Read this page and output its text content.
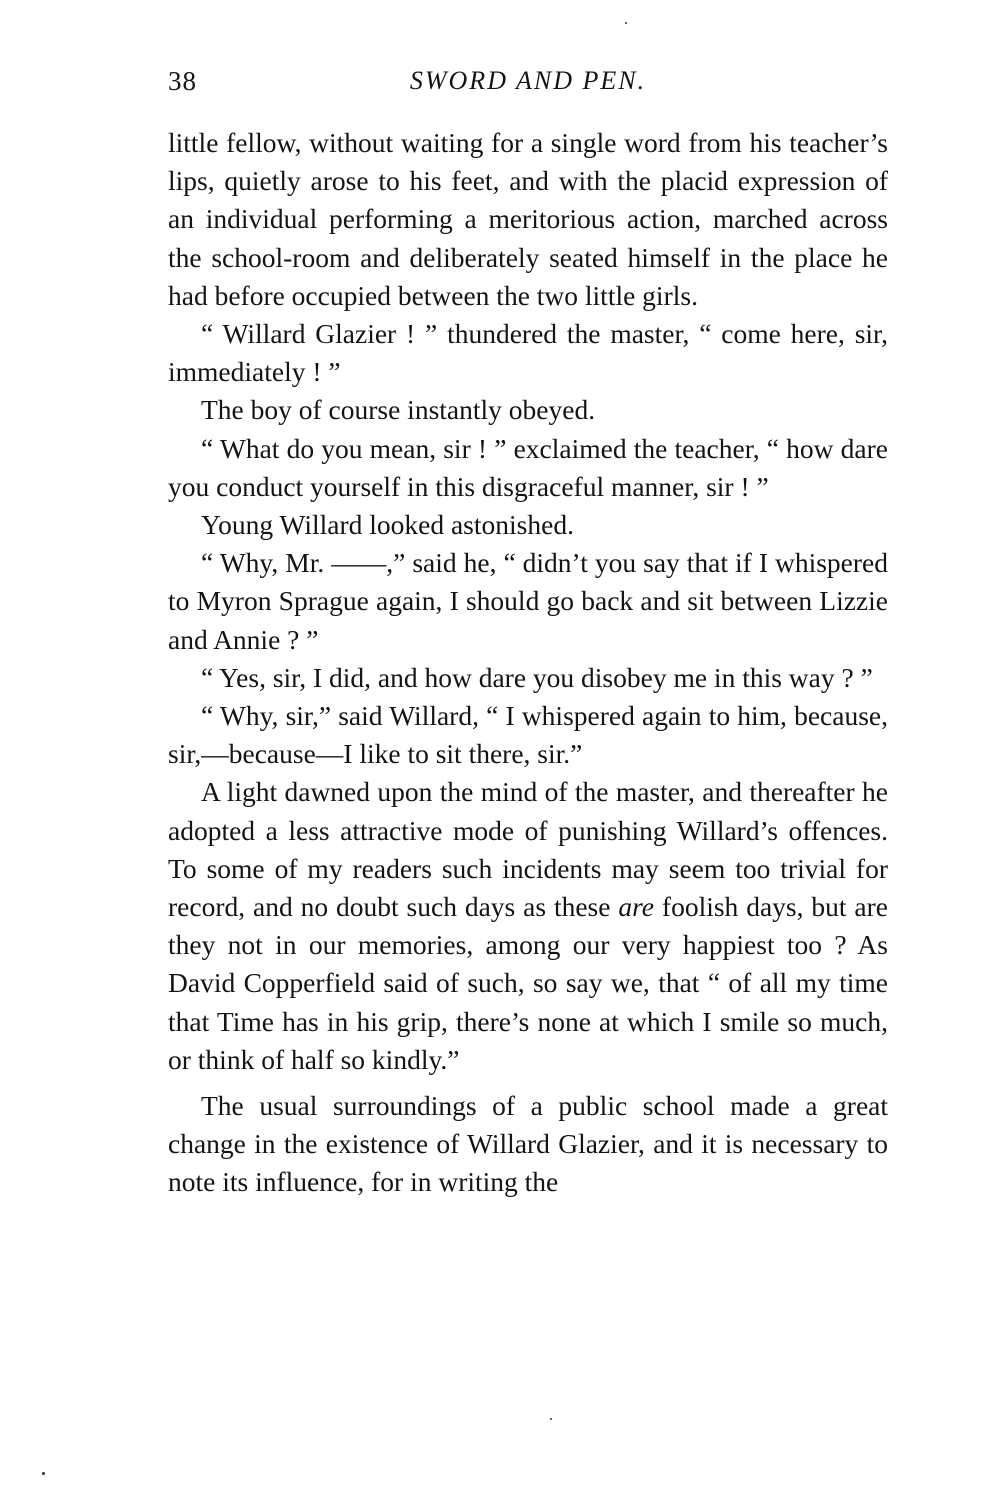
38	SWORD AND PEN.

little fellow, without waiting for a single word from his teacher’s lips, quietly arose to his feet, and with the placid expression of an individual performing a meritorious action, marched across the school-room and deliberately seated himself in the place he had before occupied between the two little girls.

“ Willard Glazier ! ” thundered the master, “ come here, sir, immediately ! ”

The boy of course instantly obeyed.

“ What do you mean, sir ! ” exclaimed the teacher, “ how dare you conduct yourself in this disgraceful manner, sir ! ”

Young Willard looked astonished.

“ Why, Mr. ——,” said he, “ didn’t you say that if I whispered to Myron Sprague again, I should go back and sit between Lizzie and Annie ? ”

“ Yes, sir, I did, and how dare you disobey me in this way ? ”

“ Why, sir,” said Willard, “ I whispered again to him, because, sir,—because—I like to sit there, sir.”

A light dawned upon the mind of the master, and thereafter he adopted a less attractive mode of punishing Willard’s offences. To some of my readers such incidents may seem too trivial for record, and no doubt such days as these are foolish days, but are they not in our memories, among our very happiest too ? As David Copperfield said of such, so say we, that “ of all my time that Time has in his grip, there’s none at which I smile so much, or think of half so kindly.”

The usual surroundings of a public school made a great change in the existence of Willard Glazier, and it is necessary to note its influence, for in writing the
